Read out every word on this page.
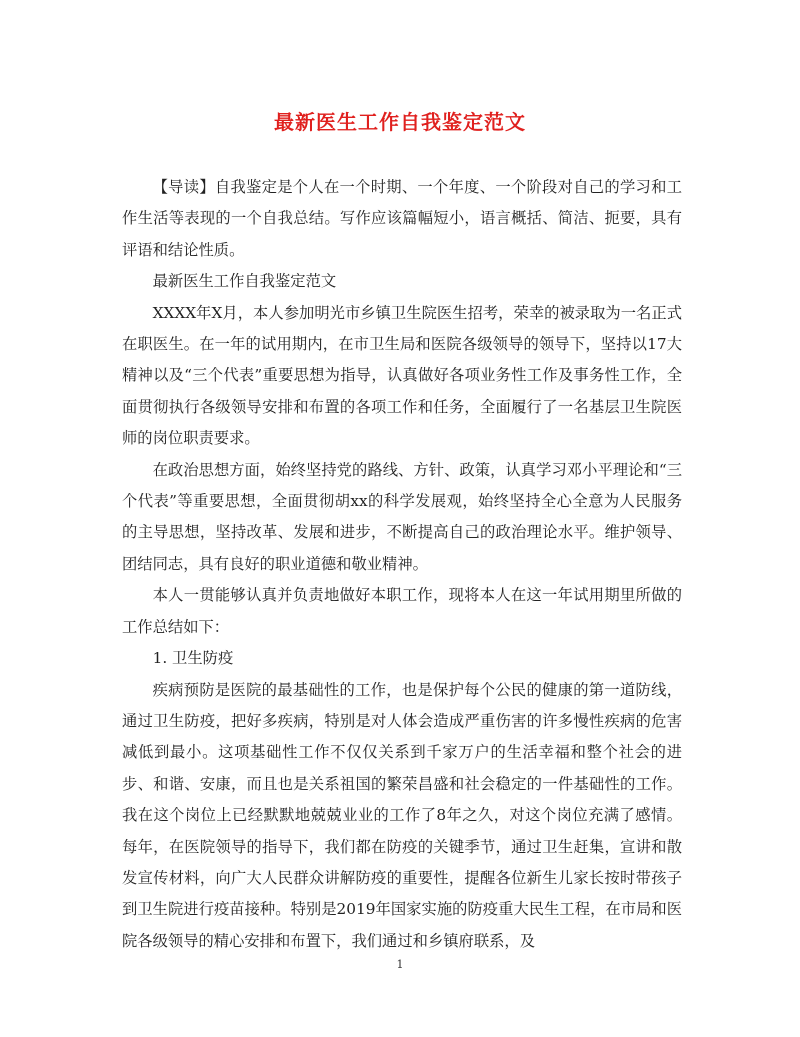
最新医生工作自我鉴定范文

【导读】自我鉴定是个人在一个时期、一个年度、一个阶段对自己的学习和工作生活等表现的一个自我总结。写作应该篇幅短小，语言概括、简洁、扼要，具有评语和结论性质。

最新医生工作自我鉴定范文

XXXX年X月，本人参加明光市乡镇卫生院医生招考，荣幸的被录取为一名正式在职医生。在一年的试用期内，在市卫生局和医院各级领导的领导下，坚持以17大精神以及“三个代表”重要思想为指导，认真做好各项业务性工作及事务性工作，全面贯彻执行各级领导安排和布置的各项工作和任务，全面履行了一名基层卫生院医师的岗位职责要求。

在政治思想方面，始终坚持党的路线、方针、政策，认真学习邓小平理论和“三个代表”等重要思想，全面贯彻胡xx的科学发展观，始终坚持全心全意为人民服务的主导思想，坚持改革、发展和进步，不断提高自己的政治理论水平。维护领导、团结同志，具有良好的职业道德和敬业精神。

本人一贯能够认真并负责地做好本职工作，现将本人在这一年试用期里所做的工作总结如下：

1. 卫生防疫

疾病预防是医院的最基础性的工作，也是保护每个公民的健康的第一道防线，通过卫生防疫，把好多疾病，特别是对人体会造成严重伤害的许多慢性疾病的危害减低到最小。这项基础性工作不仅仅关系到千家万户的生活幸福和整个社会的进步、和谐、安康，而且也是关系祖国的繁荣昌盛和社会稳定的一件基础性的工作。我在这个岗位上已经默默地兢兢业业的工作了8年之久，对这个岗位充满了感情。每年，在医院领导的指导下，我们都在防疫的关键季节，通过卫生赶集，宣讲和散发宣传材料，向广大人民群众讲解防疫的重要性，提醒各位新生儿家长按时带孩子到卫生院进行疫苗接种。特别是2019年国家实施的防疫重大民生工程，在市局和医院各级领导的精心安排和布置下，我们通过和乡镇府联系，及

1
